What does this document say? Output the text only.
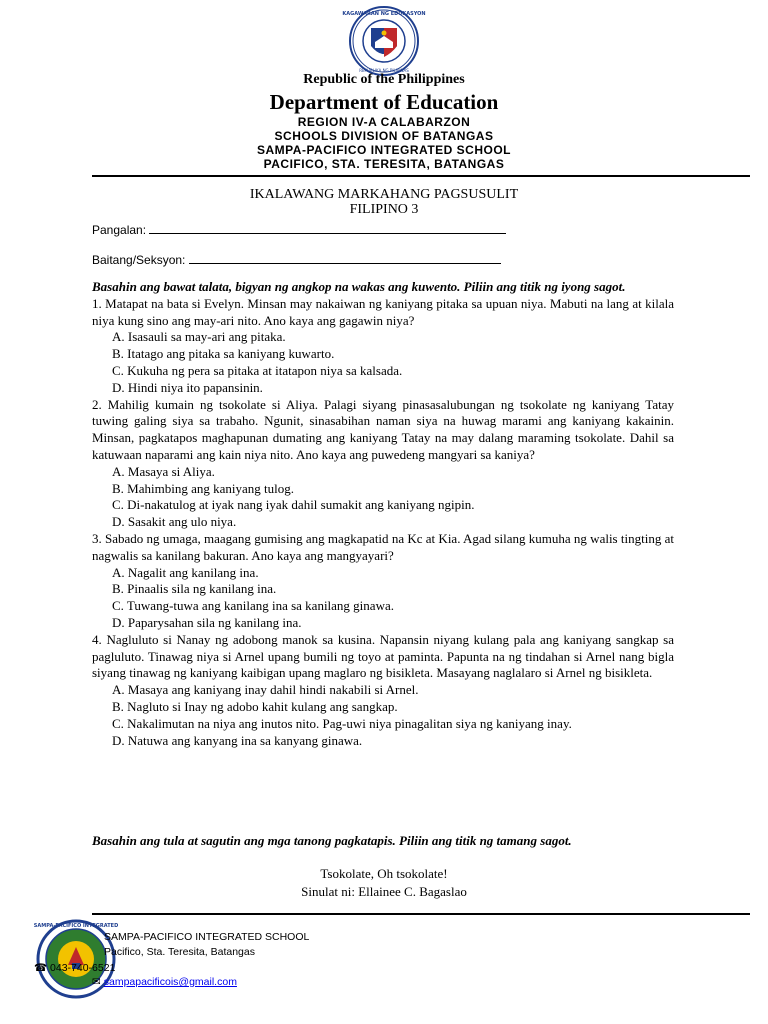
KAGAWARAN NG EDUKASYON
REPUBLIKA NG PILIPINAS
Republic of the Philippines
Department of Education
REGION IV-A CALABARZON
SCHOOLS DIVISION OF BATANGAS
SAMPA-PACIFICO INTEGRATED SCHOOL
PACIFICO, STA. TERESITA, BATANGAS
IKALAWANG MARKAHANG PAGSUSULIT
FILIPINO 3
Pangalan:
Baitang/Seksyon:
Basahin ang bawat talata, bigyan ng angkop na wakas ang kuwento. Piliin ang titik ng iyong sagot.
1. Matapat na bata si Evelyn. Minsan may nakaiwan ng kaniyang pitaka sa upuan niya. Mabuti na lang at kilala niya kung sino ang may-ari nito. Ano kaya ang gagawin niya?
A. Isasauli sa may-ari ang pitaka.
B. Itatago ang pitaka sa kaniyang kuwarto.
C. Kukuha ng pera sa pitaka at itatapon niya sa kalsada.
D. Hindi niya ito papansinin.
2. Mahilig kumain ng tsokolate si Aliya. Palagi siyang pinasasalubungan ng tsokolate ng kaniyang Tatay tuwing galing siya sa trabaho. Ngunit, sinasabihan naman siya na huwag marami ang kaniyang kakainin. Minsan, pagkatapos maghapunan dumating ang kaniyang Tatay na may dalang maraming tsokolate. Dahil sa katuwaan naparami ang kain niya nito. Ano kaya ang puwedeng mangyari sa kaniya?
A. Masaya si Aliya.
B. Mahimbing ang kaniyang tulog.
C. Di-nakatulog at iyak nang iyak dahil sumakit ang kaniyang ngipin.
D. Sasakit ang ulo niya.
3. Sabado ng umaga, maagang gumising ang magkapatid na Kc at Kia. Agad silang kumuha ng walis tingting at nagwalis sa kanilang bakuran. Ano kaya ang mangyayari?
A. Nagalit ang kanilang ina.
B. Pinaalis sila ng kanilang ina.
C. Tuwang-tuwa ang kanilang ina sa kanilang ginawa.
D. Paparysahan sila ng kanilang ina.
4. Nagluluto si Nanay ng adobong manok sa kusina. Napansin niyang kulang pala ang kaniyang sangkap sa pagluluto. Tinawag niya si Arnel upang bumili ng toyo at paminta. Papunta na ng tindahan si Arnel nang bigla siyang tinawag ng kaniyang kaibigan upang maglaro ng bisikleta. Masayang naglalaro si Arnel ng bisikleta.
A. Masaya ang kaniyang inay dahil hindi nakabili si Arnel.
B. Nagluto si Inay ng adobo kahit kulang ang sangkap.
C. Nakalimutan na niya ang inutos nito. Pag-uwi niya pinagalitan siya ng kaniyang inay.
D. Natuwa ang kanyang ina sa kanyang ginawa.
Basahin ang tula at sagutin ang mga tanong pagkatapis. Piliin ang titik ng tamang sagot.
Tsokolate, Oh tsokolate!
Sinulat ni: Ellainee C. Bagaslao
SAMPA-PACIFICO INTEGRATED
SAMPA-PACIFICO INTEGRATED SCHOOL
Pacifico, Sta. Teresita, Batangas
☎ 043-740-6521
✉ sampapacificois@gmail.com
